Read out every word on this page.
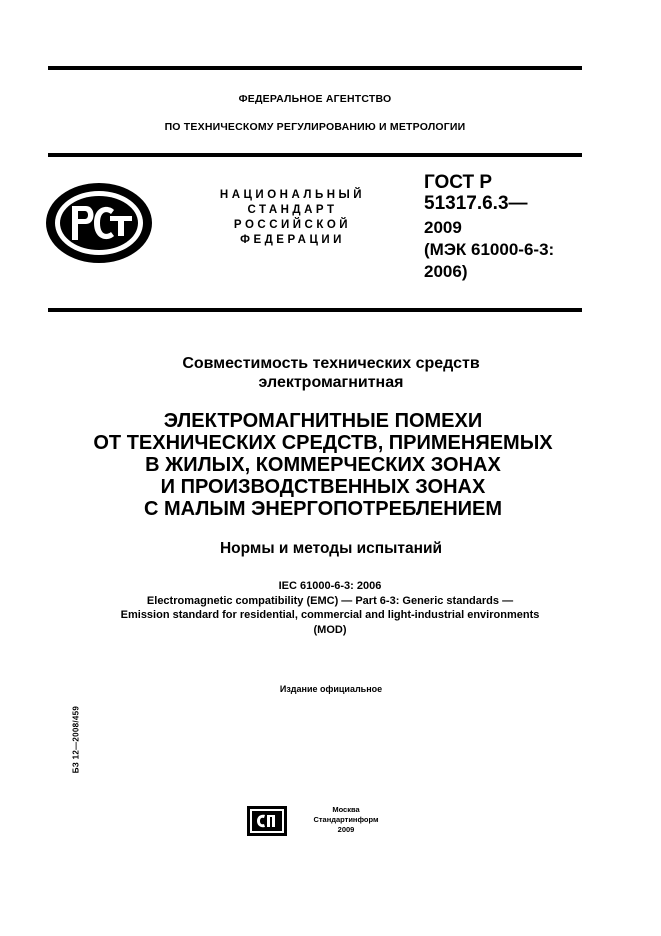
ФЕДЕРАЛЬНОЕ АГЕНТСТВО
ПО ТЕХНИЧЕСКОМУ РЕГУЛИРОВАНИЮ И МЕТРОЛОГИИ
НАЦИОНАЛЬНЫЙ
СТАНДАРТ
РОССИЙСКОЙ
ФЕДЕРАЦИИ
ГОСТ Р
51317.6.3—
2009
(МЭК 61000-6-3:
2006)
Совместимость технических средств
электромагнитная
ЭЛЕКТРОМАГНИТНЫЕ ПОМЕХИ
ОТ ТЕХНИЧЕСКИХ СРЕДСТВ, ПРИМЕНЯЕМЫХ
В ЖИЛЫХ, КОММЕРЧЕСКИХ ЗОНАХ
И ПРОИЗВОДСТВЕННЫХ ЗОНАХ
С МАЛЫМ ЭНЕРГОПОТРЕБЛЕНИЕМ
Нормы и методы испытаний
IEC 61000-6-3: 2006
Electromagnetic compatibility (EMC) — Part 6-3: Generic standards —
Emission standard for residential, commercial and light-industrial environments
(MOD)
Издание официальное
БЗ 12—2008/459
Москва
Стандартинформ
2009
